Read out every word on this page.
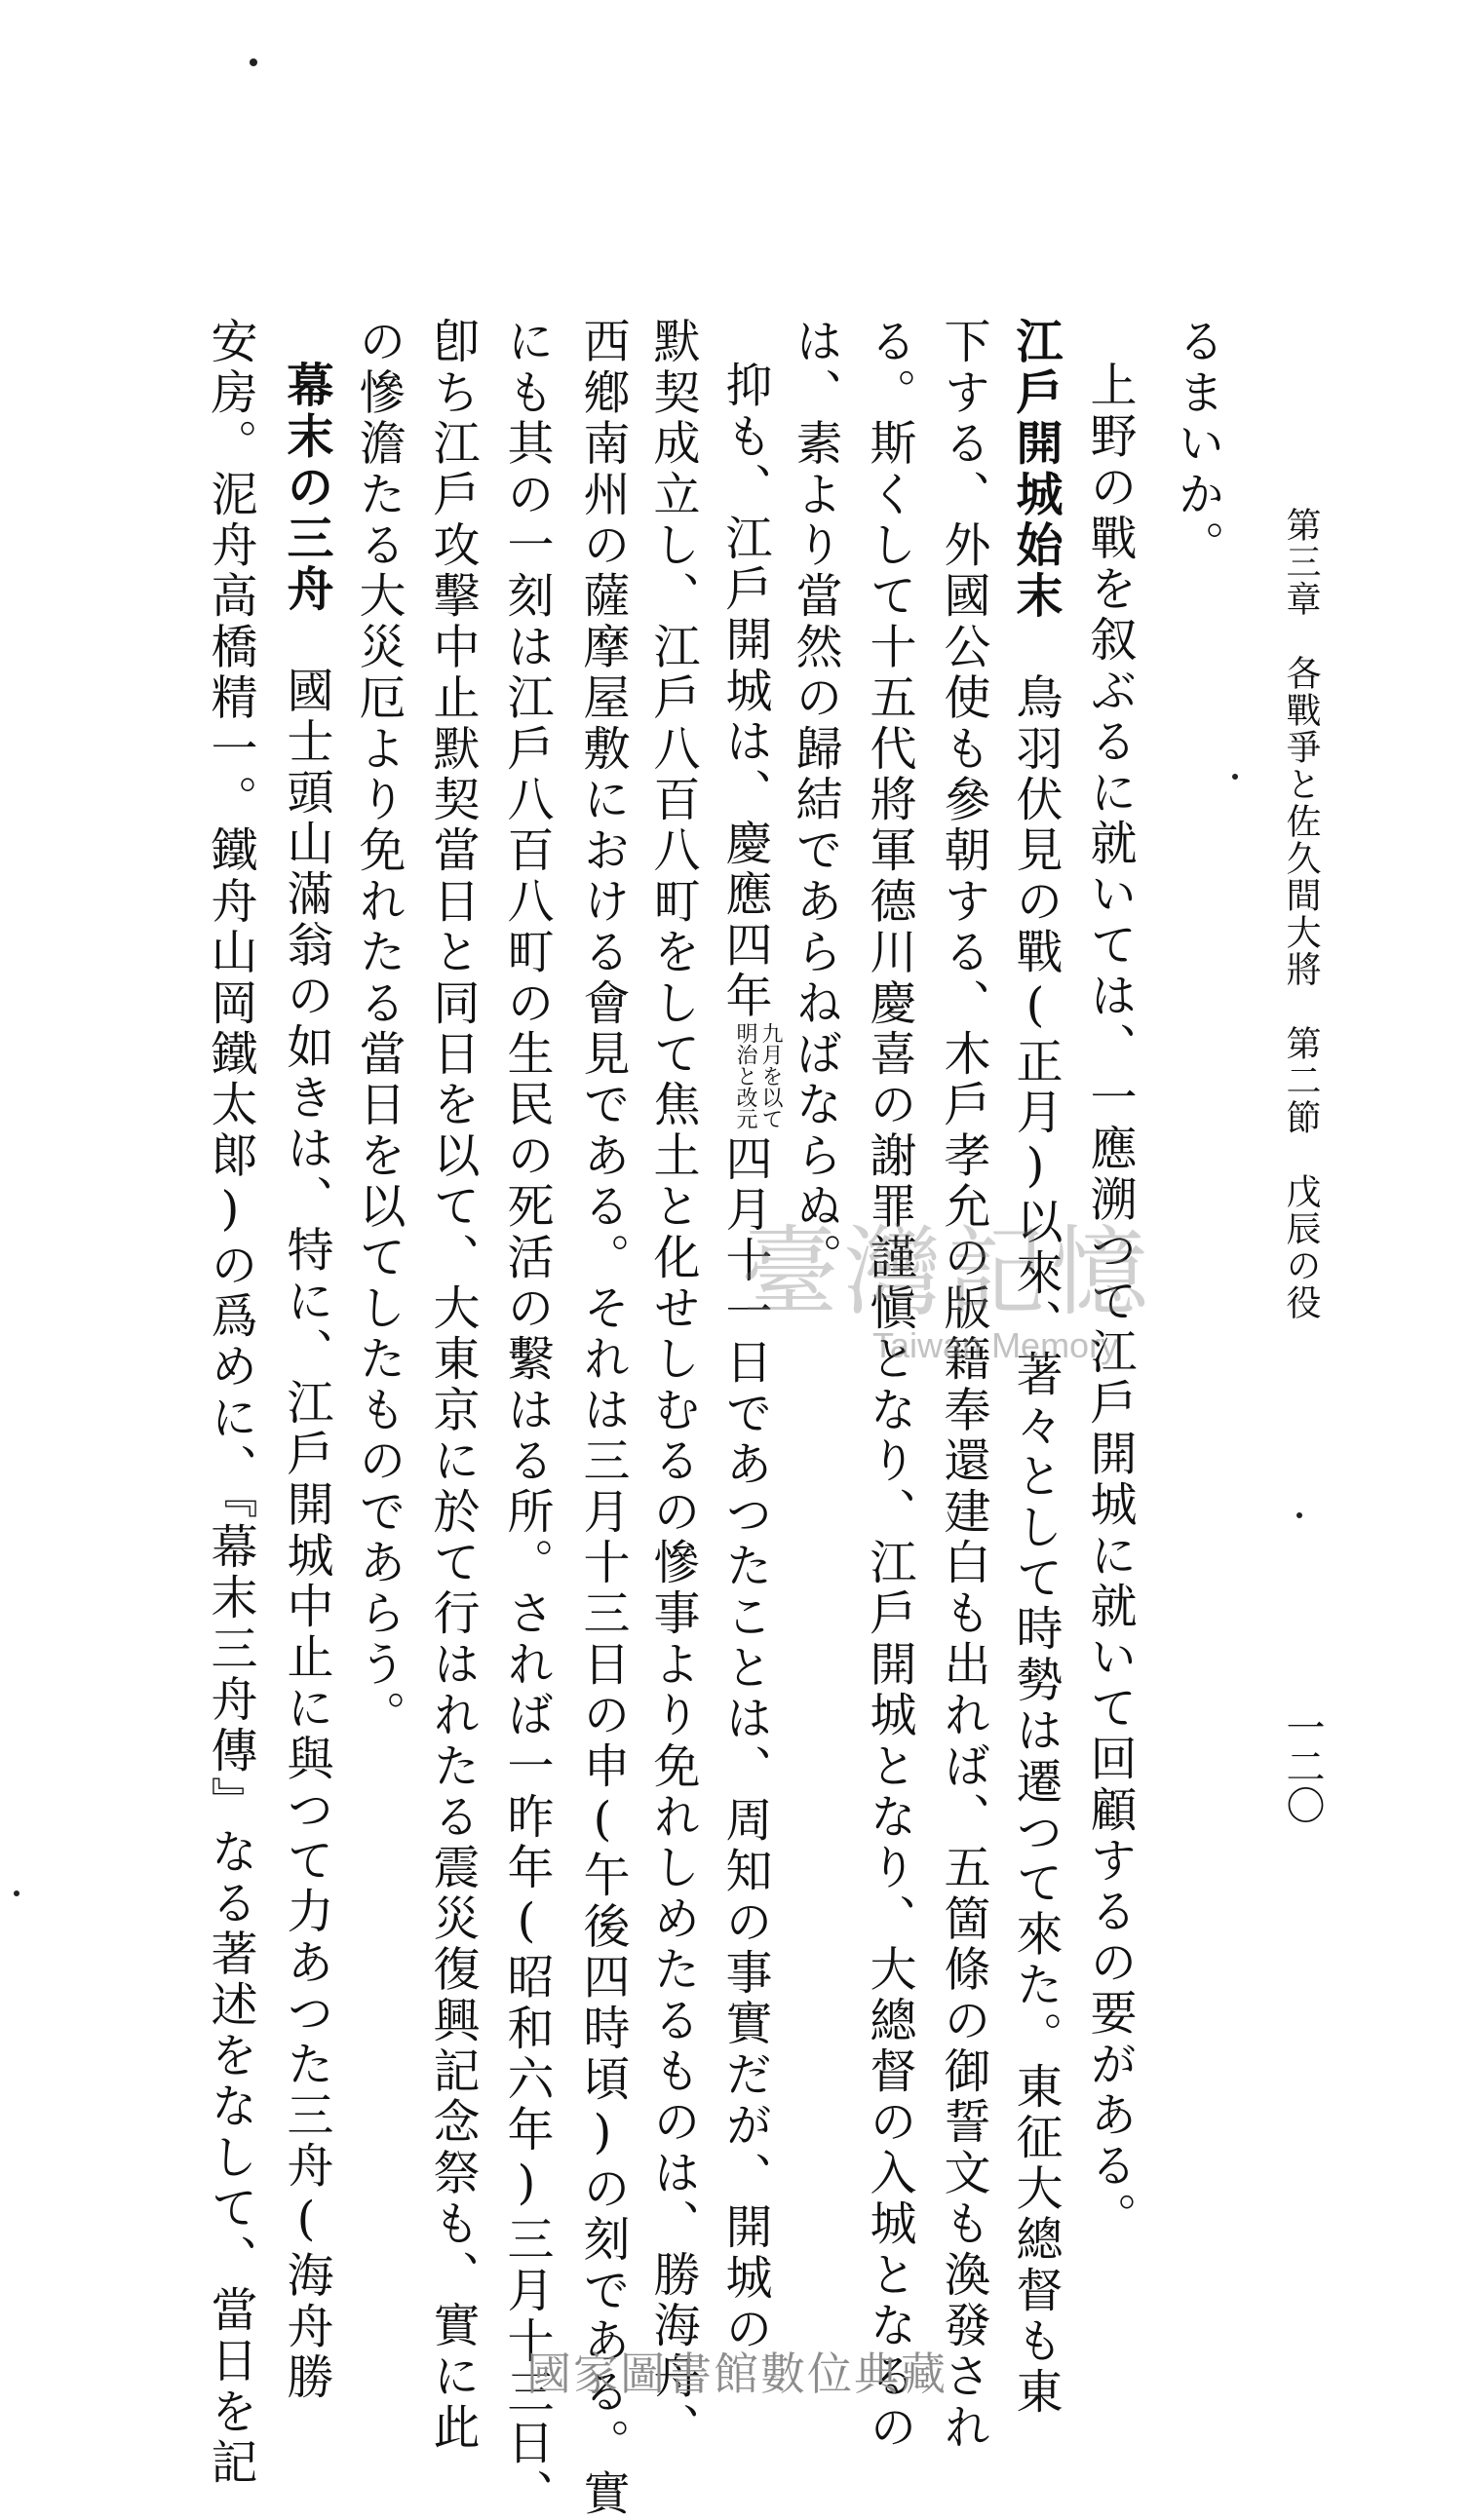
第三章　各戰爭と佐久間大將　第二節　戊辰の役
一二〇
るまいか。
上野の戰を叙ぶるに就いては、一應溯つて江戶開城に就いて回顧するの要がある。
江戶開城始末　鳥羽伏見の戰(正月)以來、著々として時勢は遷つて來た。東征大總督も東
下する、外國公使も參朝する、木戶孝允の版籍奉還建白も出れば、五箇條の御誓文も渙發され
る。斯くして十五代將軍德川慶喜の謝罪謹愼となり、江戶開城となり、大總督の入城となるの
は、素より當然の歸結であらねばならぬ。
抑も、江戶開城は、慶應四年九月を以て明治と改元四月十一日であつたことは、周知の事實だが、開城の
默契成立し、江戶八百八町をして焦土と化せしむるの慘事より免れしめたるものは、勝海舟、
西鄕南州の薩摩屋敷における會見である。それは三月十三日の申(午後四時頃)の刻である。實
にも其の一刻は江戶八百八町の生民の死活の繫はる所。されば一昨年(昭和六年)三月十三日、
卽ち江戶攻擊中止默契當日と同日を以て、大東京に於て行はれたる震災復興記念祭も、實に此
の慘澹たる大災厄より免れたる當日を以てしたものであらう。
幕末の三舟　國士頭山滿翁の如きは、特に、江戶開城中止に與つて力あつた三舟(海舟勝
安房。泥舟高橋精一。鐵舟山岡鐵太郞)の爲めに、『幕末三舟傳』なる著述をなして、當日を記	臺灣記憶
Taiwan Memory
國家圖書館數位典藏
